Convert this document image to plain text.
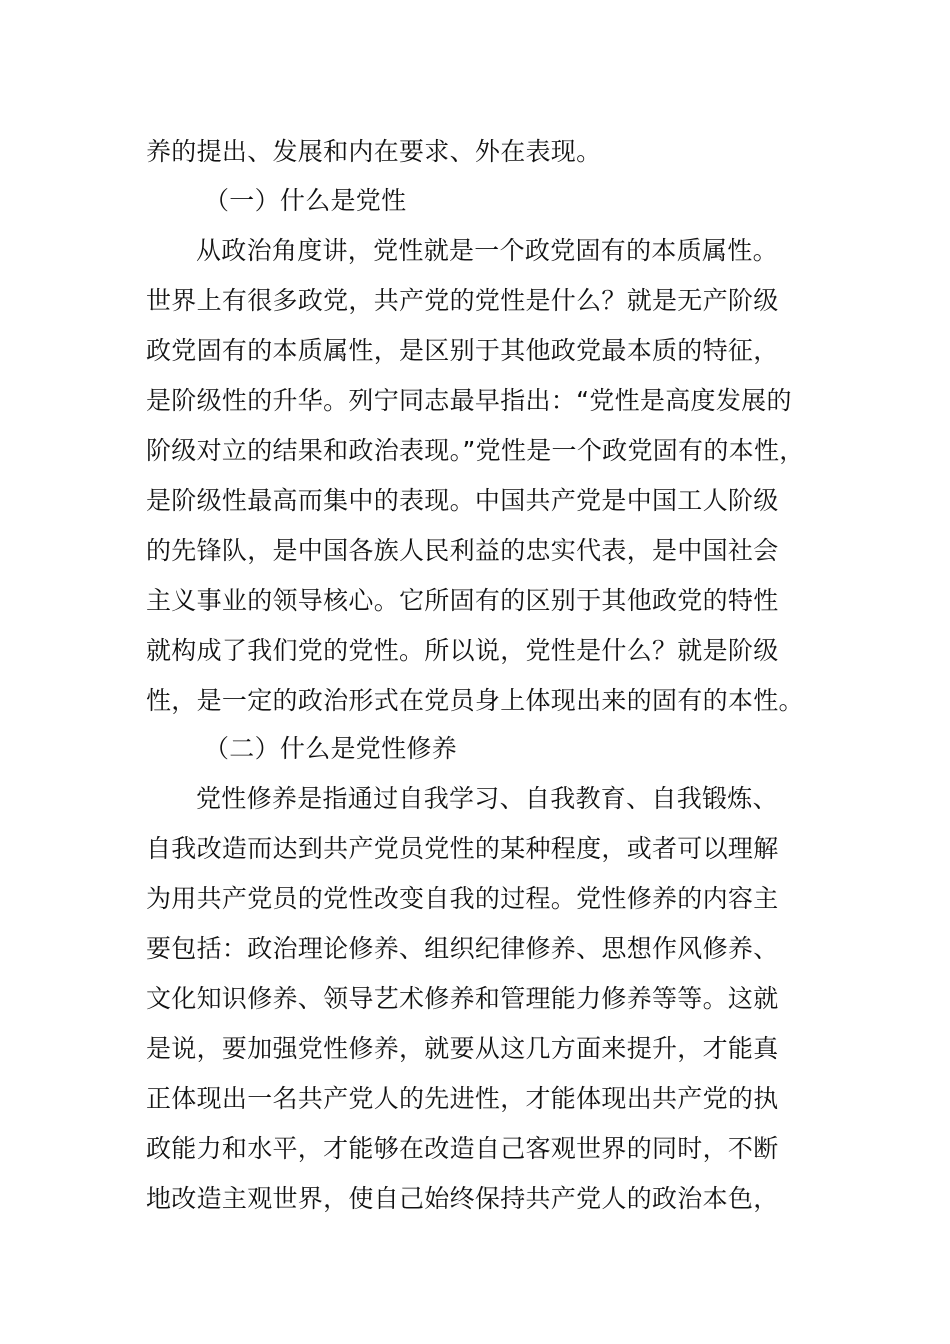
养的提出、发展和内在要求、外在表现。
（一）什么是党性
从政治角度讲，党性就是一个政党固有的本质属性。
世界上有很多政党，共产党的党性是什么？就是无产阶级
政党固有的本质属性，是区别于其他政党最本质的特征，
是阶级性的升华。列宁同志最早指出：“党性是高度发展的
阶级对立的结果和政治表现。”党性是一个政党固有的本性，
是阶级性最高而集中的表现。中国共产党是中国工人阶级
的先锋队，是中国各族人民利益的忠实代表，是中国社会
主义事业的领导核心。它所固有的区别于其他政党的特性
就构成了我们党的党性。所以说，党性是什么？就是阶级
性，是一定的政治形式在党员身上体现出来的固有的本性。
（二）什么是党性修养
党性修养是指通过自我学习、自我教育、自我锻炼、
自我改造而达到共产党员党性的某种程度，或者可以理解
为用共产党员的党性改变自我的过程。党性修养的内容主
要包括：政治理论修养、组织纪律修养、思想作风修养、
文化知识修养、领导艺术修养和管理能力修养等等。这就
是说，要加强党性修养，就要从这几方面来提升，才能真
正体现出一名共产党人的先进性，才能体现出共产党的执
政能力和水平，才能够在改造自己客观世界的同时，不断
地改造主观世界，使自己始终保持共产党人的政治本色，
